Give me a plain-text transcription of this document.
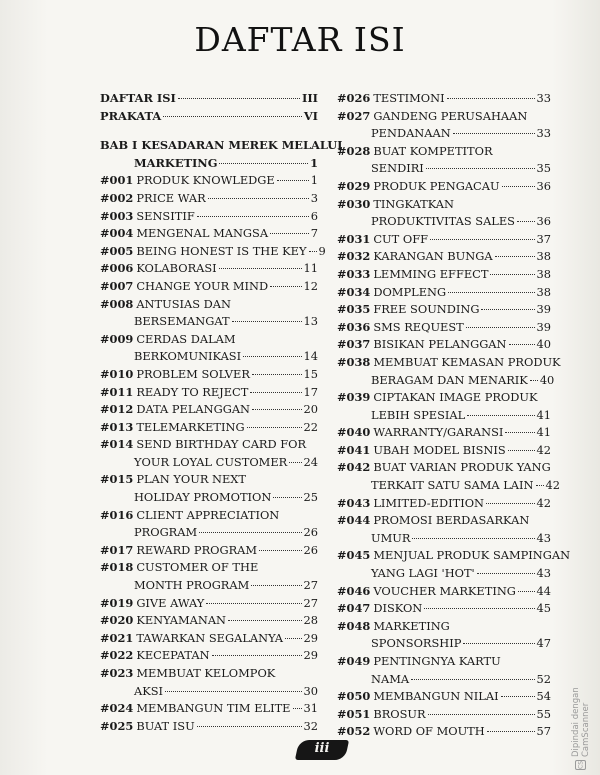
DAFTAR ISI
DAFTAR ISI	III
PRAKATA	VI
BAB I KESADARAN MEREK MELALUI
MARKETING	1
#001 PRODUK KNOWLEDGE	1
#002 PRICE WAR	3
#003 SENSITIF	6
#004 MENGENAL MANGSA	7
#005 BEING HONEST IS THE KEY 9
#006 KOLABORASI	11
#007 CHANGE YOUR MIND	12
#008 ANTUSIAS DAN
BERSEMANGAT	13
#009 CERDAS DALAM
BERKOMUNIKASI	14
#010 PROBLEM SOLVER	15
#011 READY TO REJECT	17
#012 DATA PELANGGAN	20
#013 TELEMARKETING	22
#014 SEND BIRTHDAY CARD FOR
YOUR LOYAL CUSTOMER 24
#015 PLAN YOUR NEXT
HOLIDAY PROMOTION	25
#016 CLIENT APPRECIATION
PROGRAM	26
#017 REWARD PROGRAM	26
#018 CUSTOMER OF THE
MONTH PROGRAM	27
#019 GIVE AWAY	27
#020 KENYAMANAN	28
#021 TAWARKAN SEGALANYA 29
#022 KECEPATAN	29
#023 MEMBUAT KELOMPOK
AKSI	30
#024 MEMBANGUN TIM ELITE 31
#025 BUAT ISU	32
#026 TESTIMONI	33
#027 GANDENG PERUSAHAAN
PENDANAAN	33
#028 BUAT KOMPETITOR
SENDIRI	35
#029 PRODUK PENGACAU	36
#030 TINGKATKAN
PRODUKTIVITAS SALES 36
#031 CUT OFF	37
#032 KARANGAN BUNGA	38
#033 LEMMING EFFECT	38
#034 DOMPLENG	38
#035 FREE SOUNDING	39
#036 SMS REQUEST	39
#037 BISIKAN PELANGGAN	40
#038 MEMBUAT KEMASAN PRODUK
BERAGAM DAN MENARIK 40
#039 CIPTAKAN IMAGE PRODUK
LEBIH SPESIAL	41
#040 WARRANTY/GARANSI	41
#041 UBAH MODEL BISNIS	42
#042 BUAT VARIAN PRODUK YANG
TERKAIT SATU SAMA LAIN 42
#043 LIMITED-EDITION	42
#044 PROMOSI BERDASARKAN
UMUR	43
#045 MENJUAL PRODUK SAMPINGAN
YANG LAGI 'HOT'	43
#046 VOUCHER MARKETING 44
#047 DISKON	45
#048 MARKETING
SPONSORSHIP	47
#049 PENTINGNYA KARTU
NAMA	52
#050 MEMBANGUN NILAI	54
#051 BROSUR	55
#052 WORD OF MOUTH	57
iii
CS
Dipindai dengan CamScanner
